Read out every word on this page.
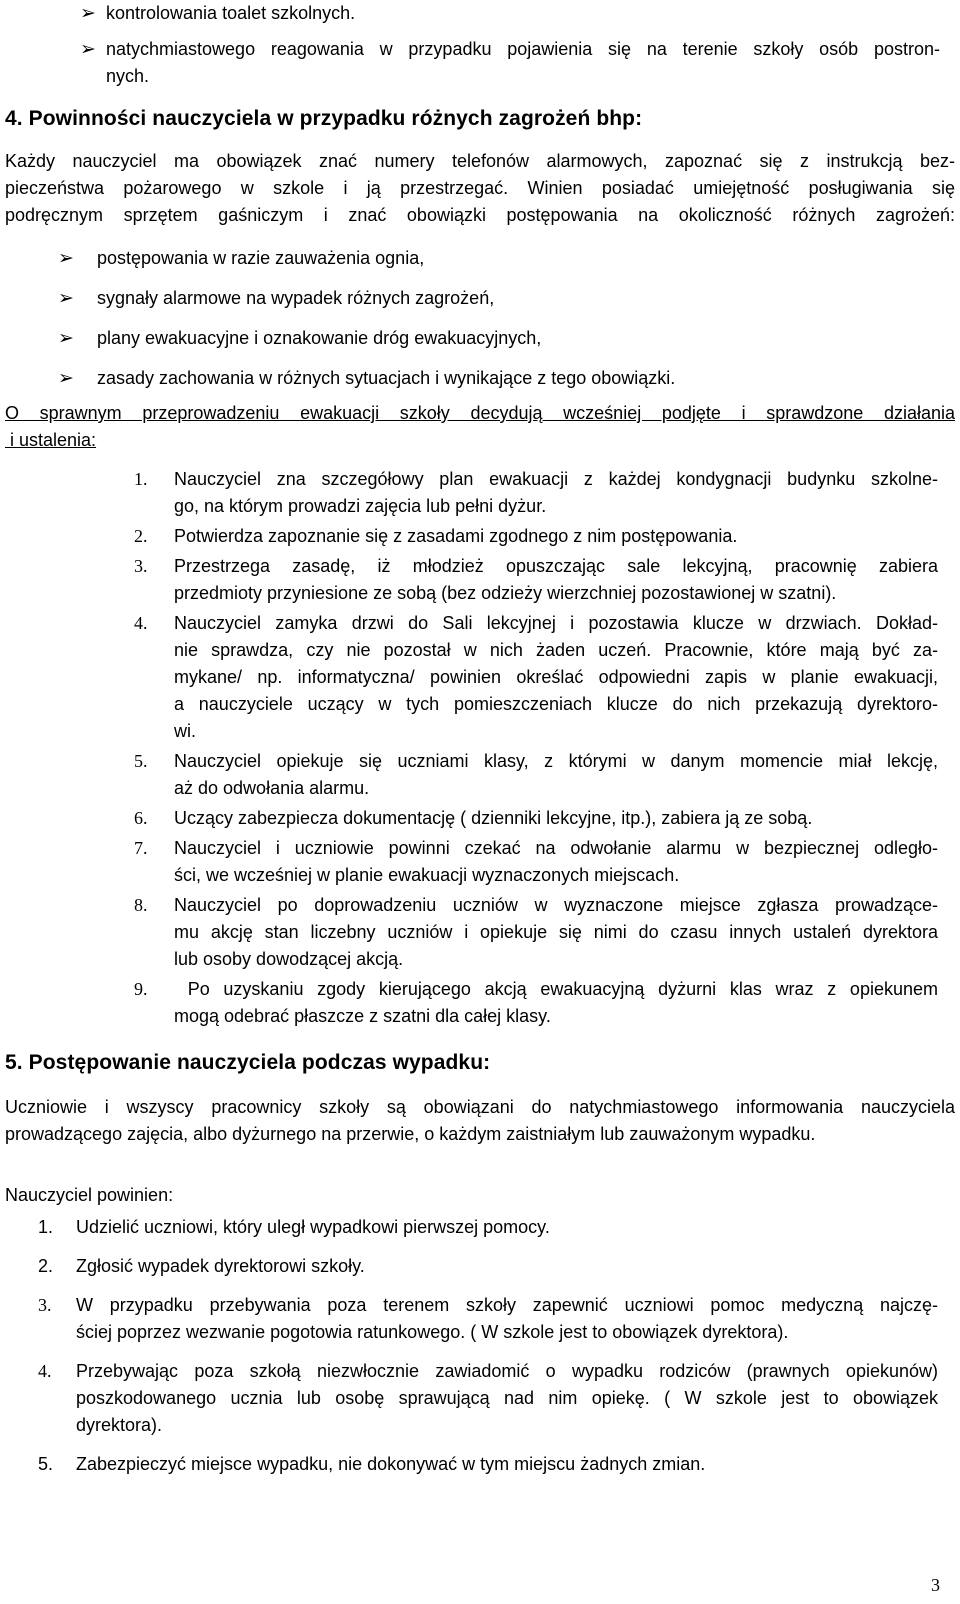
➢ kontrolowania toalet szkolnych.
➢ natychmiastowego reagowania w przypadku pojawienia się na terenie szkoły osób postron-
nych.
4. Powinności nauczyciela w przypadku różnych zagrożeń bhp:
Każdy nauczyciel ma obowiązek znać numery telefonów alarmowych, zapoznać się z instrukcją bez-
pieczeństwa pożarowego w szkole i ją przestrzegać. Winien posiadać umiejętność posługiwania się
podręcznym sprzętem gaśniczym i znać obowiązki postępowania na okoliczność różnych zagrożeń:
➢ postępowania w razie zauważenia ognia,
➢ sygnały alarmowe na wypadek różnych zagrożeń,
➢ plany ewakuacyjne i oznakowanie dróg ewakuacyjnych,
➢ zasady zachowania w różnych sytuacjach i wynikające z tego obowiązki.
O sprawnym przeprowadzeniu ewakuacji szkoły decydują wcześniej podjęte i sprawdzone działania
i ustalenia:
1. Nauczyciel zna szczegółowy plan ewakuacji z każdej kondygnacji budynku szkolne-
go, na którym prowadzi zajęcia lub pełni dyżur.
2. Potwierdza zapoznanie się z zasadami zgodnego z nim postępowania.
3. Przestrzega zasadę, iż młodzież opuszczając sale lekcyjną, pracownię zabiera
przedmioty przyniesione ze sobą (bez odzieży wierzchniej pozostawionej w szatni).
4. Nauczyciel zamyka drzwi do Sali lekcyjnej i pozostawia klucze w drzwiach. Dokład-
nie sprawdza, czy nie pozostał w nich żaden uczeń. Pracownie, które mają być za-
mykane/ np. informatyczna/ powinien określać odpowiedni zapis w planie ewakuacji,
a nauczyciele uczący w tych pomieszczeniach klucze do nich przekazują dyrektoro-
wi.
5. Nauczyciel opiekuje się uczniami klasy, z którymi w danym momencie miał lekcję,
aż do odwołania alarmu.
6. Uczący zabezpiecza dokumentację ( dzienniki lekcyjne, itp.), zabiera ją ze sobą.
7. Nauczyciel i uczniowie powinni czekać na odwołanie alarmu w bezpiecznej odległo-
ści, we wcześniej w planie ewakuacji wyznaczonych miejscach.
8. Nauczyciel po doprowadzeniu uczniów w wyznaczone miejsce zgłasza prowadzące-
mu akcję stan liczebny uczniów i opiekuje się nimi do czasu innych ustaleń dyrektora
lub osoby dowodzącej akcją.
9. Po uzyskaniu zgody kierującego akcją ewakuacyjną dyżurni klas wraz z opiekunem
mogą odebrać płaszcze z szatni dla całej klasy.
5. Postępowanie nauczyciela podczas wypadku:
Uczniowie i wszyscy pracownicy szkoły są obowiązani do natychmiastowego informowania nauczyciela
prowadzącego zajęcia, albo dyżurnego na przerwie, o każdym zaistniałym lub zauważonym wypadku.
Nauczyciel powinien:
1. Udzielić uczniowi, który uległ wypadkowi pierwszej pomocy.
2. Zgłosić wypadek dyrektorowi szkoły.
3. W przypadku przebywania poza terenem szkoły zapewnić uczniowi pomoc medyczną najczę-
ściej poprzez wezwanie pogotowia ratunkowego. ( W szkole jest to obowiązek dyrektora).
4. Przebywając poza szkołą niezwłocznie zawiadomić o wypadku rodziców (prawnych opiekunów)
poszkodowanego ucznia lub osobę sprawującą nad nim opiekę. ( W szkole jest to obowiązek
dyrektora).
5. Zabezpieczyć miejsce wypadku, nie dokonywać w tym miejscu żadnych zmian.
3
